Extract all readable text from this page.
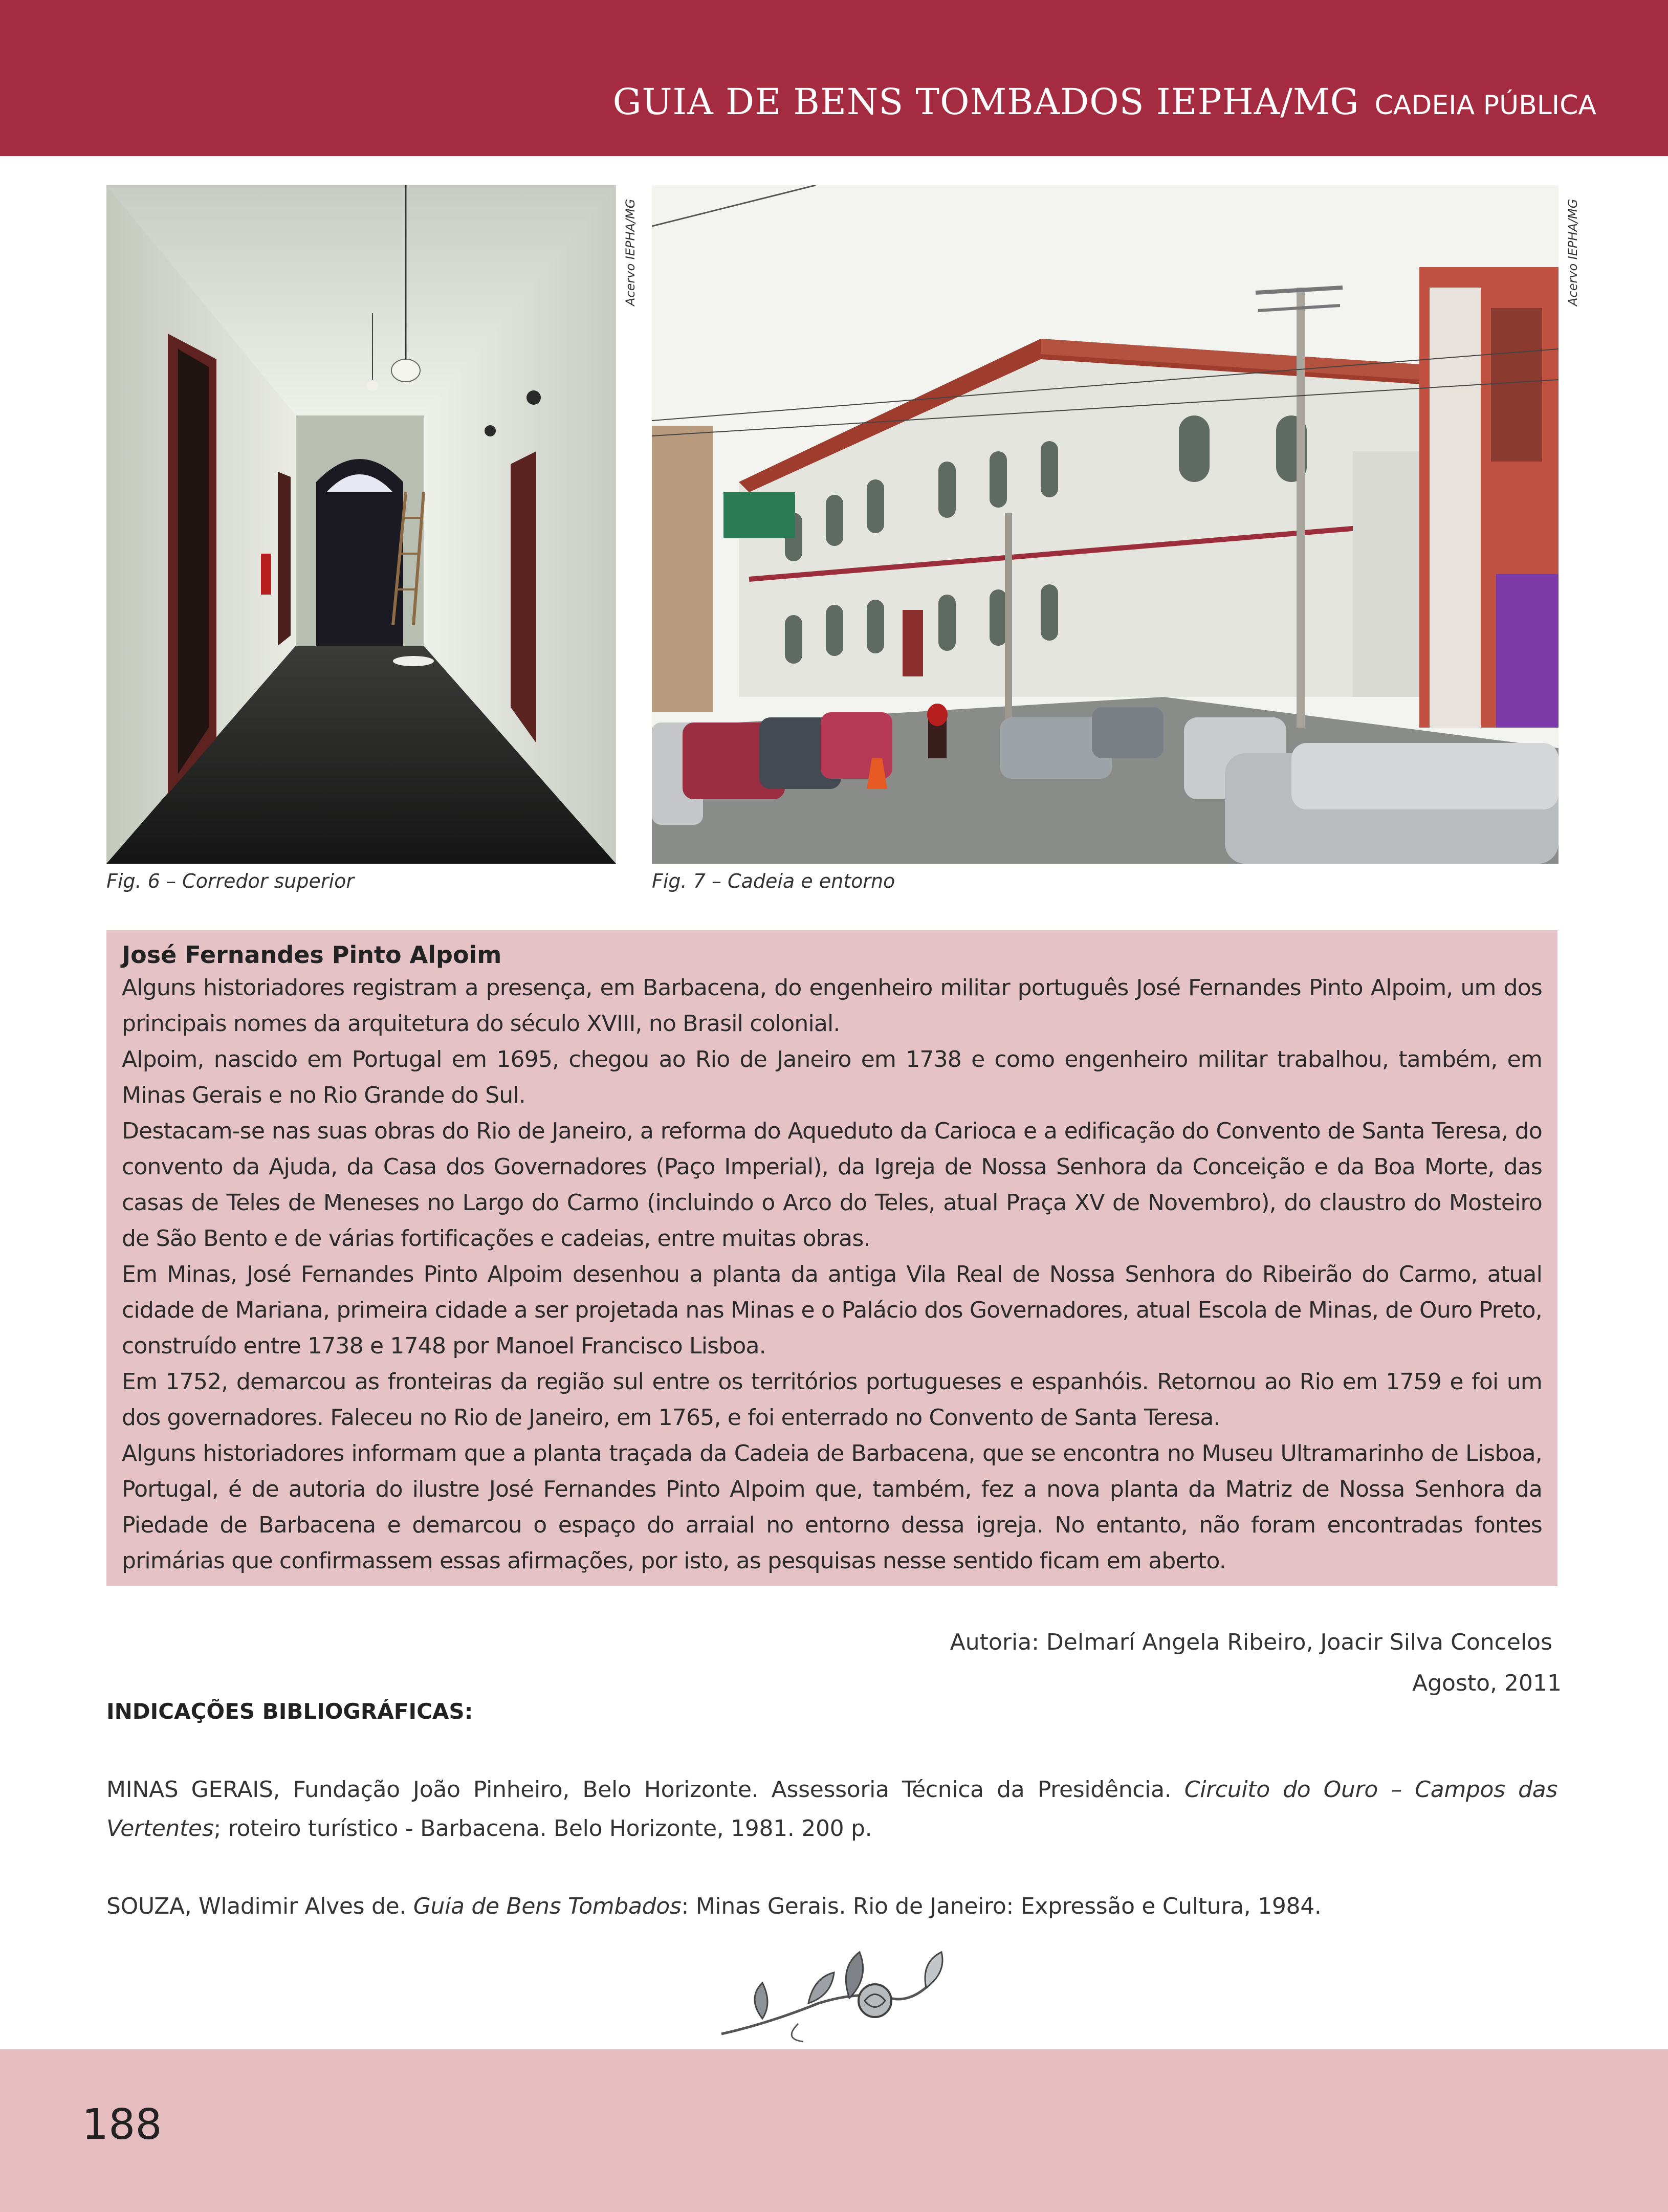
GUIA DE BENS TOMBADOS IEPHA/MG CADEIA PÚBLICA
Acervo IEPHA/MG
Fig. 6 – Corredor superior
Acervo IEPHA/MG
Fig. 7 – Cadeia e entorno
José Fernandes Pinto Alpoim

Alguns historiadores registram a presença, em Barbacena, do engenheiro militar português José Fernandes Pinto Alpoim, um dos principais nomes da arquitetura do século XVIII, no Brasil colonial.

Alpoim, nascido em Portugal em 1695, chegou ao Rio de Janeiro em 1738 e como engenheiro militar trabalhou, também, em Minas Gerais e no Rio Grande do Sul.

Destacam-se nas suas obras do Rio de Janeiro, a reforma do Aqueduto da Carioca e a edificação do Convento de Santa Teresa, do convento da Ajuda, da Casa dos Governadores (Paço Imperial), da Igreja de Nossa Senhora da Conceição e da Boa Morte, das casas de Teles de Meneses no Largo do Carmo (incluindo o Arco do Teles, atual Praça XV de Novembro), do claustro do Mosteiro de São Bento e de várias fortificações e cadeias, entre muitas obras.

Em Minas, José Fernandes Pinto Alpoim desenhou a planta da antiga Vila Real de Nossa Senhora do Ribeirão do Carmo, atual cidade de Mariana, primeira cidade a ser projetada nas Minas e o Palácio dos Governadores, atual Escola de Minas, de Ouro Preto, construído entre 1738 e 1748 por Manoel Francisco Lisboa.

Em 1752, demarcou as fronteiras da região sul entre os territórios portugueses e espanhóis. Retornou ao Rio em 1759 e foi um dos governadores. Faleceu no Rio de Janeiro, em 1765, e foi enterrado no Convento de Santa Teresa.

Alguns historiadores informam que a planta traçada da Cadeia de Barbacena, que se encontra no Museu Ultramarinho de Lisboa, Portugal, é de autoria do ilustre José Fernandes Pinto Alpoim que, também, fez a nova planta da Matriz de Nossa Senhora da Piedade de Barbacena e demarcou o espaço do arraial no entorno dessa igreja. No entanto, não foram encontradas fontes primárias que confirmassem essas afirmações, por isto, as pesquisas nesse sentido ficam em aberto.

Autoria: Delmarí Angela Ribeiro, Joacir Silva Concelos
Agosto, 2011
INDICAÇÕES BIBLIOGRÁFICAS:
MINAS GERAIS, Fundação João Pinheiro, Belo Horizonte. Assessoria Técnica da Presidência. Circuito do Ouro – Campos das Vertentes; roteiro turístico - Barbacena. Belo Horizonte, 1981. 200 p.
SOUZA, Wladimir Alves de. Guia de Bens Tombados: Minas Gerais. Rio de Janeiro: Expressão e Cultura, 1984.
188
